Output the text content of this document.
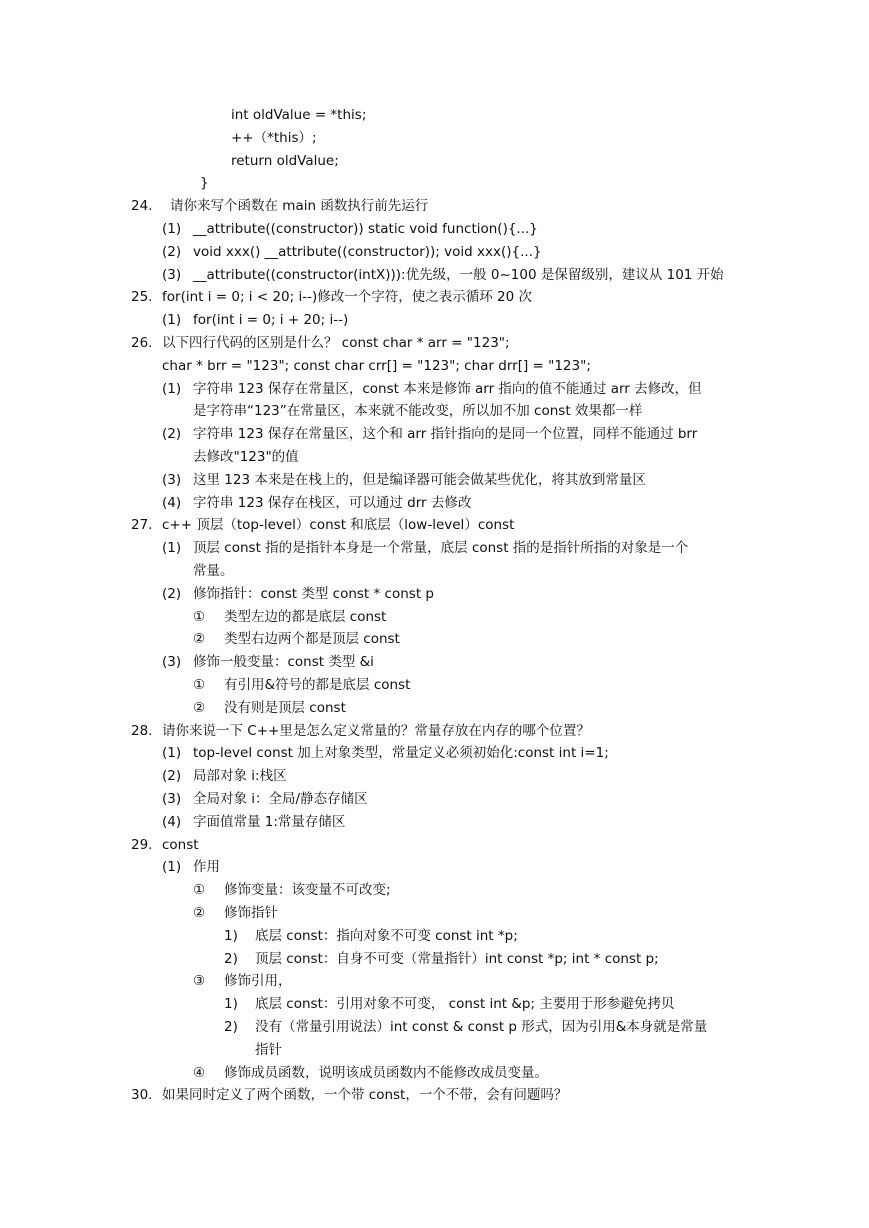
int oldValue = *this;
++（*this）;
return oldValue;
}
24. 请你来写个函数在 main 函数执行前先运行
(1) __attribute((constructor)) static void function(){...}
(2) void xxx() __attribute((constructor)); void xxx(){...}
(3) __attribute((constructor(intX))):优先级，一般 0~100 是保留级别，建议从 101 开始
25. for(int i = 0; i < 20; i--)修改一个字符，使之表示循环 20 次
(1) for(int i = 0; i + 20; i--)
26. 以下四行代码的区别是什么？ const char * arr = "123";
char * brr = "123"; const char crr[] = "123"; char drr[] = "123";
(1) 字符串 123 保存在常量区，const 本来是修饰 arr 指向的值不能通过 arr 去修改，但
是字符串“123”在常量区，本来就不能改变，所以加不加 const 效果都一样
(2) 字符串 123 保存在常量区，这个和 arr 指针指向的是同一个位置，同样不能通过 brr
去修改"123"的值
(3) 这里 123 本来是在栈上的，但是编译器可能会做某些优化，将其放到常量区
(4) 字符串 123 保存在栈区，可以通过 drr 去修改
27. c++ 顶层（top-level）const 和底层（low-level）const
(1) 顶层 const 指的是指针本身是一个常量，底层 const 指的是指针所指的对象是一个
常量。
(2) 修饰指针：const 类型 const * const p
① 类型左边的都是底层 const
② 类型右边两个都是顶层 const
(3) 修饰一般变量：const 类型 &i
① 有引用&符号的都是底层 const
② 没有则是顶层 const
28. 请你来说一下 C++里是怎么定义常量的？常量存放在内存的哪个位置？
(1) top-level const 加上对象类型，常量定义必须初始化:const int i=1;
(2) 局部对象 i:栈区
(3) 全局对象 i：全局/静态存储区
(4) 字面值常量 1:常量存储区
29. const
(1) 作用
① 修饰变量：该变量不可改变;
② 修饰指针
1) 底层 const：指向对象不可变 const int *p;
2) 顶层 const：自身不可变（常量指针）int const *p; int * const p;
③ 修饰引用，
1) 底层 const：引用对象不可变， const int &p; 主要用于形参避免拷贝
2) 没有（常量引用说法）int const & const p 形式，因为引用&本身就是常量
指针
④ 修饰成员函数，说明该成员函数内不能修改成员变量。
30. 如果同时定义了两个函数，一个带 const，一个不带，会有问题吗？
